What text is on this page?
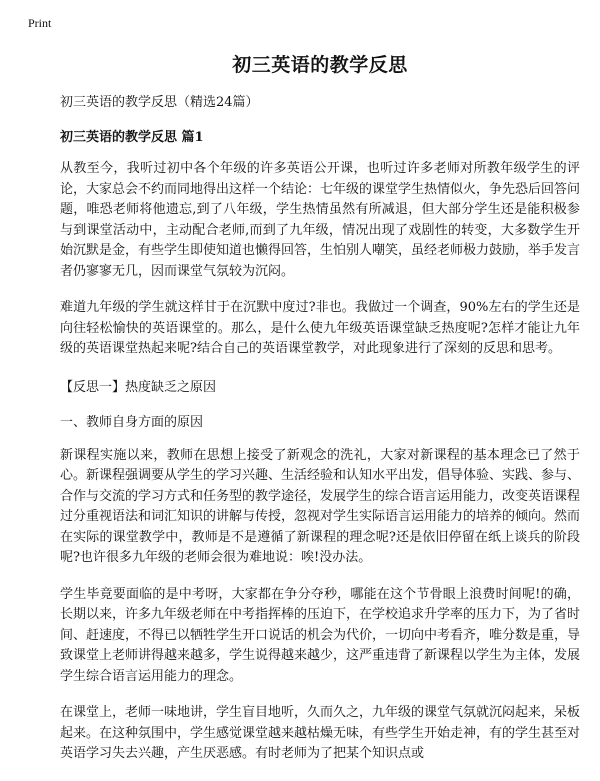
Print
初三英语的教学反思
初三英语的教学反思（精选24篇）
初三英语的教学反思 篇1
从教至今，我听过初中各个年级的许多英语公开课，也听过许多老师对所教年级学生的评论，大家总会不约而同地得出这样一个结论：七年级的课堂学生热情似火，争先恐后回答问题，唯恐老师将他遗忘,到了八年级，学生热情虽然有所减退，但大部分学生还是能积极参与到课堂活动中，主动配合老师,而到了九年级，情况出现了戏剧性的转变，大多数学生开始沉默是金，有些学生即使知道也懒得回答，生怕别人嘲笑，虽经老师极力鼓励，举手发言者仍寥寥无几，因而课堂气氛较为沉闷。
难道九年级的学生就这样甘于在沉默中度过?非也。我做过一个调查，90%左右的学生还是向往轻松愉快的英语课堂的。那么，是什么使九年级英语课堂缺乏热度呢?怎样才能让九年级的英语课堂热起来呢?结合自己的英语课堂教学，对此现象进行了深刻的反思和思考。
【反思一】热度缺乏之原因
一、教师自身方面的原因
新课程实施以来，教师在思想上接受了新观念的洗礼，大家对新课程的基本理念已了然于心。新课程强调要从学生的学习兴趣、生活经验和认知水平出发，倡导体验、实践、参与、合作与交流的学习方式和任务型的教学途径，发展学生的综合语言运用能力，改变英语课程过分重视语法和词汇知识的讲解与传授，忽视对学生实际语言运用能力的培养的倾向。然而在实际的课堂教学中，教师是不是遵循了新课程的理念呢?还是依旧停留在纸上谈兵的阶段呢?也许很多九年级的老师会很为难地说：唉!没办法。
学生毕竟要面临的是中考呀，大家都在争分夺秒，哪能在这个节骨眼上浪费时间呢!的确，长期以来，许多九年级老师在中考指挥棒的压迫下，在学校追求升学率的压力下，为了省时间、赶速度，不得已以牺牲学生开口说话的机会为代价，一切向中考看齐，唯分数是重，导致课堂上老师讲得越来越多，学生说得越来越少，这严重违背了新课程以学生为主体，发展学生综合语言运用能力的理念。
在课堂上，老师一味地讲，学生盲目地听，久而久之，九年级的课堂气氛就沉闷起来，呆板起来。在这种氛围中，学生感觉课堂越来越枯燥无味，有些学生开始走神，有的学生甚至对英语学习失去兴趣，产生厌恶感。有时老师为了把某个知识点或
